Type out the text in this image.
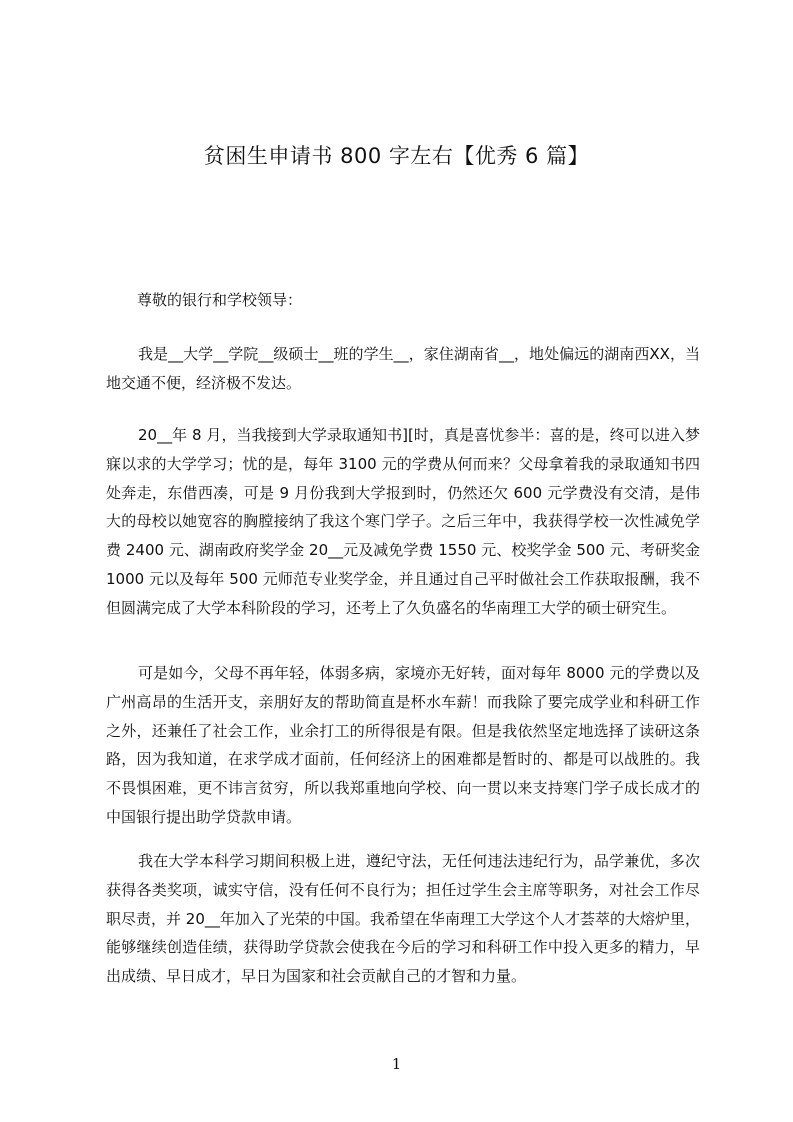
贫困生申请书 800 字左右【优秀 6 篇】
尊敬的银行和学校领导：

我是__大学__学院__级硕士__班的学生__，家住湖南省__，地处偏远的湖南西XX，当地交通不便，经济极不发达。

20__年 8 月，当我接到大学录取通知书][时，真是喜忧参半：喜的是，终可以进入梦寐以求的大学学习；忧的是，每年 3100 元的学费从何而来？父母拿着我的录取通知书四处奔走，东借西凑，可是 9 月份我到大学报到时，仍然还欠 600 元学费没有交清，是伟大的母校以她宽容的胸膛接纳了我这个寒门学子。之后三年中，我获得学校一次性减免学费 2400 元、湖南政府奖学金 20__元及减免学费 1550 元、校奖学金 500 元、考研奖金 1000 元以及每年 500 元师范专业奖学金，并且通过自己平时做社会工作获取报酬，我不但圆满完成了大学本科阶段的学习，还考上了久负盛名的华南理工大学的硕士研究生。

可是如今，父母不再年轻，体弱多病，家境亦无好转，面对每年 8000 元的学费以及广州高昂的生活开支，亲朋好友的帮助简直是杯水车薪！而我除了要完成学业和科研工作之外，还兼任了社会工作，业余打工的所得很是有限。但是我依然坚定地选择了读研这条路，因为我知道，在求学成才面前，任何经济上的困难都是暂时的、都是可以战胜的。我不畏惧困难，更不讳言贫穷，所以我郑重地向学校、向一贯以来支持寒门学子成长成才的中国银行提出助学贷款申请。

我在大学本科学习期间积极上进，遵纪守法，无任何违法违纪行为，品学兼优，多次获得各类奖项，诚实守信，没有任何不良行为；担任过学生会主席等职务，对社会工作尽职尽责，并 20__年加入了光荣的中国。我希望在华南理工大学这个人才荟萃的大熔炉里，能够继续创造佳绩，获得助学贷款会使我在今后的学习和科研工作中投入更多的精力，早出成绩、早日成才，早日为国家和社会贡献自己的才智和力量。

1
